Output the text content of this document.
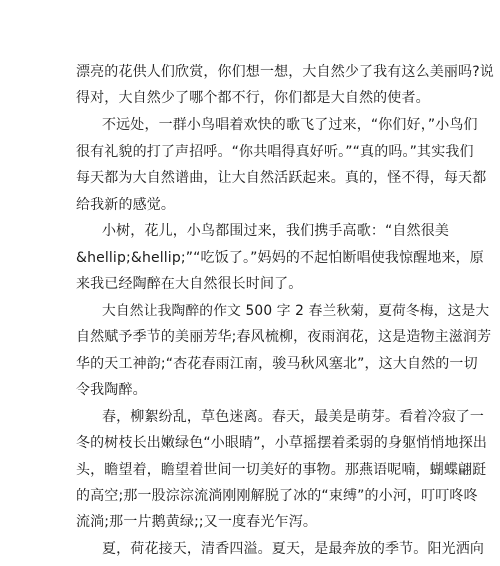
漂亮的花供人们欣赏，你们想一想，大自然少了我有这么美丽吗?说
得对，大自然少了哪个都不行，你们都是大自然的使者。
不远处，一群小鸟唱着欢快的歌飞了过来，“你们好，”小鸟们
很有礼貌的打了声招呼。“你共唱得真好听。”“真的吗。”其实我们
每天都为大自然谱曲，让大自然活跃起来。真的，怪不得，每天都
给我新的感觉。
小树，花儿，小鸟都围过来，我们携手高歌：“自然很美
&hellip;&hellip;”“吃饭了。”妈妈的不起怕断唱使我惊醒地来，原
来我已经陶醉在大自然很长时间了。
大自然让我陶醉的作文 500 字 2 春兰秋菊，夏荷冬梅，这是大
自然赋予季节的美丽芳华;春风梳柳，夜雨润花，这是造物主滋润芳
华的天工神韵;“杏花春雨江南，骏马秋风塞北”，这大自然的一切
令我陶醉。
春，柳絮纷乱，草色迷离。春天，最美是萌芽。看着冷寂了一
冬的树枝长出嫩绿色“小眼睛”，小草摇摆着柔弱的身躯悄悄地探出
头，瞻望着，瞻望着世间一切美好的事物。那燕语呢喃，蝴蝶翩跹
的高空;那一股淙淙流淌刚刚解脱了冰的“束缚”的小河，叮叮咚咚
流淌;那一片鹅黄绿;;又一度春光乍泻。
夏，荷花接天，清香四溢。夏天，是最奔放的季节。阳光洒向
